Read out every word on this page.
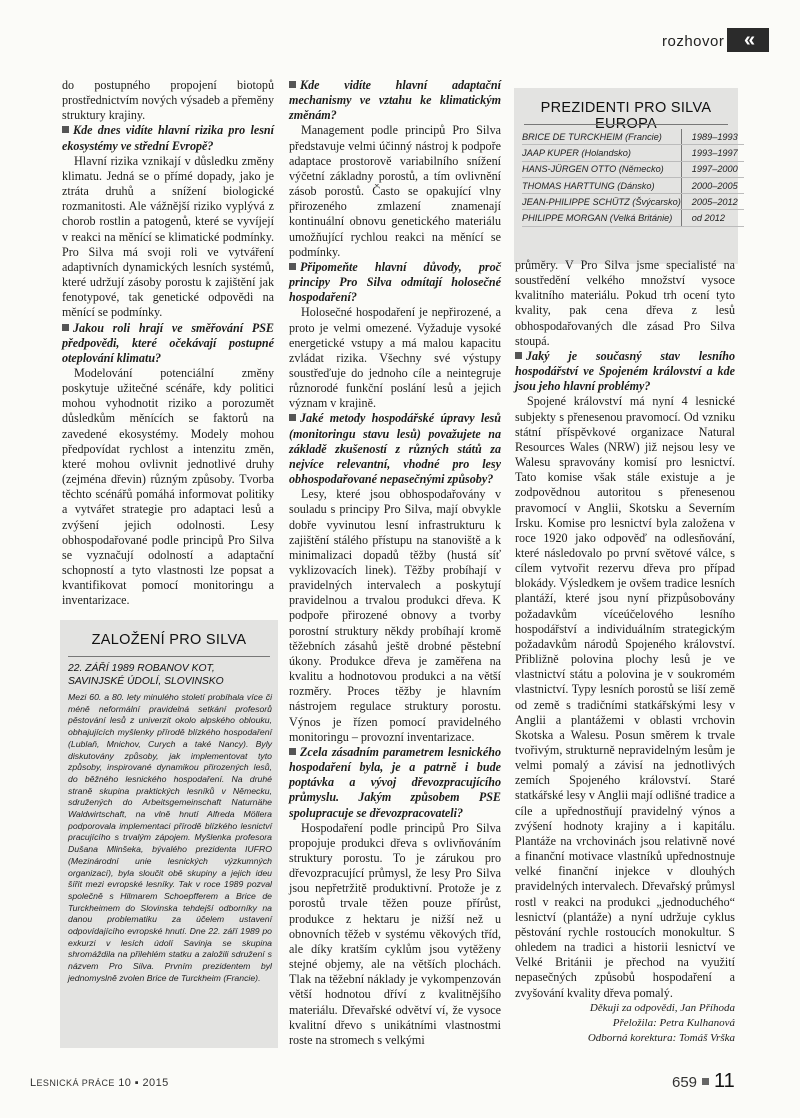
rozhovor «

do postupného propojení biotopů prostřednictvím nových výsadeb a přeměny struktury krajiny.

Kde dnes vidíte hlavní rizika pro lesní ekosystémy ve střední Evropě?

Hlavní rizika vznikají v důsledku změny klimatu. Jedná se o přímé dopady, jako je ztráta druhů a snížení biologické rozmanitosti. Ale vážnější riziko vyplývá z chorob rostlin a patogenů, které se vyvíjejí v reakci na měnící se klimatické podmínky. Pro Silva má svoji roli ve vytváření adaptivních dynamických lesních systémů, které udržují zásoby porostu k zajištění jak fenotypové, tak genetické odpovědi na měnící se podmínky.

Jakou roli hrají ve směřování PSE předpovědi, které očekávají postupné oteplování klimatu?

Modelování potenciální změny poskytuje užitečné scénáře, kdy politici mohou vyhodnotit riziko a porozumět důsledkům měnících se faktorů na zavedené ekosystémy. Modely mohou předpovídat rychlost a intenzitu změn, které mohou ovlivnit jednotlivé druhy (zejména dřevin) různým způsoby. Tvorba těchto scénářů pomáhá informovat politiky a vytvářet strategie pro adaptaci lesů a zvýšení jejich odolnosti. Lesy obhospodařované podle principů Pro Silva se vyznačují odolností a adaptační schopností a tyto vlastnosti lze popsat a kvantifikovat pomocí monitoringu a inventarizace.

ZALOŽENÍ PRO SILVA
22. ZÁŘÍ 1989 ROBANOV KOT, SAVINJSKÉ ÚDOLÍ, SLOVINSKO
Mezi 60. a 80. lety minulého století probíhala více či méně neformální pravidelná setkání profesorů pěstování lesů z univerzit okolo alpského oblouku, obhajujících myšlenky přírodě blízkého hospodaření (Lublaň, Mnichov, Curych a také Nancy). Byly diskutovány způsoby, jak implementovat tyto způsoby, inspirované dynamikou přirozených lesů, do běžného lesnického hospodaření. Na druhé straně skupina praktických lesníků v Německu, sdružených do Arbeitsgemeinschaft Naturnähe Waldwirtschaft, na vlně hnutí Alfreda Möllera podporovala implementaci přírodě blízkého lesnictví pracujícího s trvalým zápojem. Myšlenka profesora Dušana Mlinšeka, bývalého prezidenta IUFRO (Mezinárodní unie lesnických výzkumných organizací), byla sloučit obě skupiny a jejich ideu šířit mezi evropské lesníky. Tak v roce 1989 pozval společně s Hilmarem Schoepfferem a Brice de Turckheimem do Slovinska tehdejší odborníky na danou problematiku za účelem ustavení odpovídajícího evropské hnutí. Dne 22. září 1989 po exkurzi v lesích údolí Savinja se skupina shromáždila na přilehlém statku a založili sdružení s názvem Pro Silva. Prvním prezidentem byl jednomyslně zvolen Brice de Turckheim (Francie).

Kde vidíte hlavní adaptační mechanismy ve vztahu ke klimatickým změnám?

Management podle principů Pro Silva představuje velmi účinný nástroj k podpoře adaptace prostorově variabilního snížení výčetní základny porostů, a tím ovlivnění zásob porostů. Často se opakující vlny přirozeného zmlazení znamenají kontinuální obnovu genetického materiálu umožňující rychlou reakci na měnící se podmínky.

Připomeňte hlavní důvody, proč principy Pro Silva odmítají holosečné hospodaření?

Holosečné hospodaření je nepřirozené, a proto je velmi omezené. Vyžaduje vysoké energetické vstupy a má malou kapacitu zvládat rizika. Všechny své výstupy soustřeďuje do jednoho cíle a neintegruje různorodé funkční poslání lesů a jejich význam v krajině.

Jaké metody hospodářské úpravy lesů (monitoringu stavu lesů) považujete na základě zkušeností z různých států za nejvíce relevantní, vhodné pro lesy obhospodařované nepasečnými způsoby?

Lesy, které jsou obhospodařovány v souladu s principy Pro Silva, mají obvykle dobře vyvinutou lesní infrastrukturu k zajištění stálého přístupu na stanoviště a k minimalizaci dopadů těžby (hustá síť vyklizovacích linek). Těžby probíhají v pravidelných intervalech a poskytují pravidelnou a trvalou produkci dřeva. K podpoře přirozené obnovy a tvorby porostní struktury někdy probíhají kromě těžebních zásahů ještě drobné pěstební úkony. Produkce dřeva je zaměřena na kvalitu a hodnotovou produkci a na větší rozměry. Proces těžby je hlavním nástrojem regulace struktury porostu. Výnos je řízen pomocí pravidelného monitoringu – provozní inventarizace.

Zcela zásadním parametrem lesnického hospodaření byla, je a patrně i bude poptávka a vývoj dřevozpracujícího průmyslu. Jakým způsobem PSE spolupracuje se dřevozpracovateli?

Hospodaření podle principů Pro Silva propojuje produkci dřeva s ovlivňováním struktury porostu. To je zárukou pro dřevozpracující průmysl, že lesy Pro Silva jsou nepřetržitě produktivní. Protože je z porostů trvale těžen pouze přírůst, produkce z hektaru je nižší než u obnovních těžeb v systému věkových tříd, ale díky kratším cyklům jsou vytěženy stejné objemy, ale na větších plochách. Tlak na těžební náklady je vykompenzován větší hodnotou dříví z kvalitnějšího materiálu. Dřevařské odvětví ví, že vysoce kvalitní dřevo s unikátními vlastnostmi roste na stromech s velkými

PREZIDENTI PRO SILVA EUROPA
BRICE DE TURCKHEIM (Francie)	1989–1993
JAAP KUPER (Holandsko)	1993–1997
HANS-JÜRGEN OTTO (Německo)	1997–2000
THOMAS HARTTUNG (Dánsko)	2000–2005
JEAN-PHILIPPE SCHÜTZ (Švýcarsko)	2005–2012
PHILIPPE MORGAN (Velká Británie)	od 2012

průměry. V Pro Silva jsme specialisté na soustředění velkého množství vysoce kvalitního materiálu. Pokud trh ocení tyto kvality, pak cena dřeva z lesů obhospodařovaných dle zásad Pro Silva stoupá.

Jaký je současný stav lesního hospodářství ve Spojeném království a kde jsou jeho hlavní problémy?

Spojené království má nyní 4 lesnické subjekty s přenesenou pravomocí. Od vzniku státní příspěvkové organizace Natural Resources Wales (NRW) již nejsou lesy ve Walesu spravovány komisí pro lesnictví. Tato komise však stále existuje a je zodpovědnou autoritou s přenesenou pravomocí v Anglii, Skotsku a Severním Irsku. Komise pro lesnictví byla založena v roce 1920 jako odpověď na odlesňování, které následovalo po první světové válce, s cílem vytvořit rezervu dřeva pro případ blokády. Výsledkem je ovšem tradice lesních plantáží, které jsou nyní přizpůsobovány požadavkům víceúčelového lesního hospodářství a individuálním strategickým požadavkům národů Spojeného království. Přibližně polovina plochy lesů je ve vlastnictví státu a polovina je v soukromém vlastnictví. Typy lesních porostů se liší země od země s tradičními statkářskými lesy v Anglii a plantážemi v oblasti vrchovin Skotska a Walesu. Posun směrem k trvale tvořivým, strukturně nepravidelným lesům je velmi pomalý a závisí na jednotlivých zemích Spojeného království. Staré statkářské lesy v Anglii mají odlišné tradice a cíle a upřednostňují pravidelný výnos a zvýšení hodnoty krajiny a i kapitálu. Plantáže na vrchovinách jsou relativně nové a finanční motivace vlastníků upřednostnuje velké finanční injekce v dlouhých pravidelných intervalech. Dřevařský průmysl rostl v reakci na produkci „jednoduchého“ lesnictví (plantáže) a nyní udržuje cyklus pěstování rychle rostoucích monokultur. S ohledem na tradici a historii lesnictví ve Velké Británii je přechod na využití nepasečných způsobů hospodaření a zvyšování kvality dřeva pomalý.

Děkuji za odpovědi, Jan Příhoda
Přeložila: Petra Kulhanová
Odborná korektura: Tomáš Vrška
LESNICKÁ PRÁCE 10 ▪ 2015	659 11
